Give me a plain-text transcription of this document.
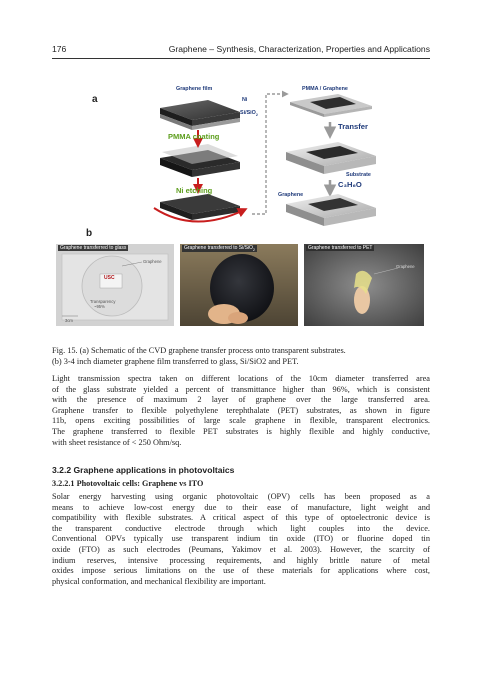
176	Graphene – Synthesis, Characterization, Properties and Applications
a
b
Graphene film
Ni
Si/SiO$_2$
PMMA coating
Ni etching
PMMA / Graphene
Transfer
Substrate
Graphene
C₃H₆O
Graphene transferred to glass
USC
Graphene
Transparency
~95%
3cm
Graphene transferred to Si/SiO$_2$	Graphene transferred to PET
Graphene

Fig. 15. (a) Schematic of the CVD graphene transfer process onto transparent substrates.

(b) 3-4 inch diameter graphene film transferred to glass, Si/SiO2 and PET.

Light transmission spectra taken on different locations of the 10cm diameter transferred area

of the glass substrate yielded a percent of transmittance higher than 96%, which is consistent

with the presence of maximum 2 layer of graphene over the large transferred area.

Graphene transfer to flexible polyethylene terephthalate (PET) substrates, as shown in figure

11b, opens exciting possibilities of large scale graphene in flexible, transparent electronics.

The graphene transferred to flexible PET substrates is highly flexible and highly conductive,

with sheet resistance of < 250 Ohm/sq.

3.2.2 Graphene applications in photovoltaics
3.2.2.1 Photovoltaic cells: Graphene vs ITO

Solar energy harvesting using organic photovoltaic (OPV) cells has been proposed as a

means to achieve low-cost energy due to their ease of manufacture, light weight and

compatibility with flexible substrates. A critical aspect of this type of optoelectronic device is

the transparent conductive electrode through which light couples into the device.

Conventional OPVs typically use transparent indium tin oxide (ITO) or fluorine doped tin

oxide (FTO) as such electrodes (Peumans, Yakimov et al. 2003). However, the scarcity of

indium reserves, intensive processing requirements, and highly brittle nature of metal

oxides impose serious limitations on the use of these materials for applications where cost,

physical conformation, and mechanical flexibility are important.
